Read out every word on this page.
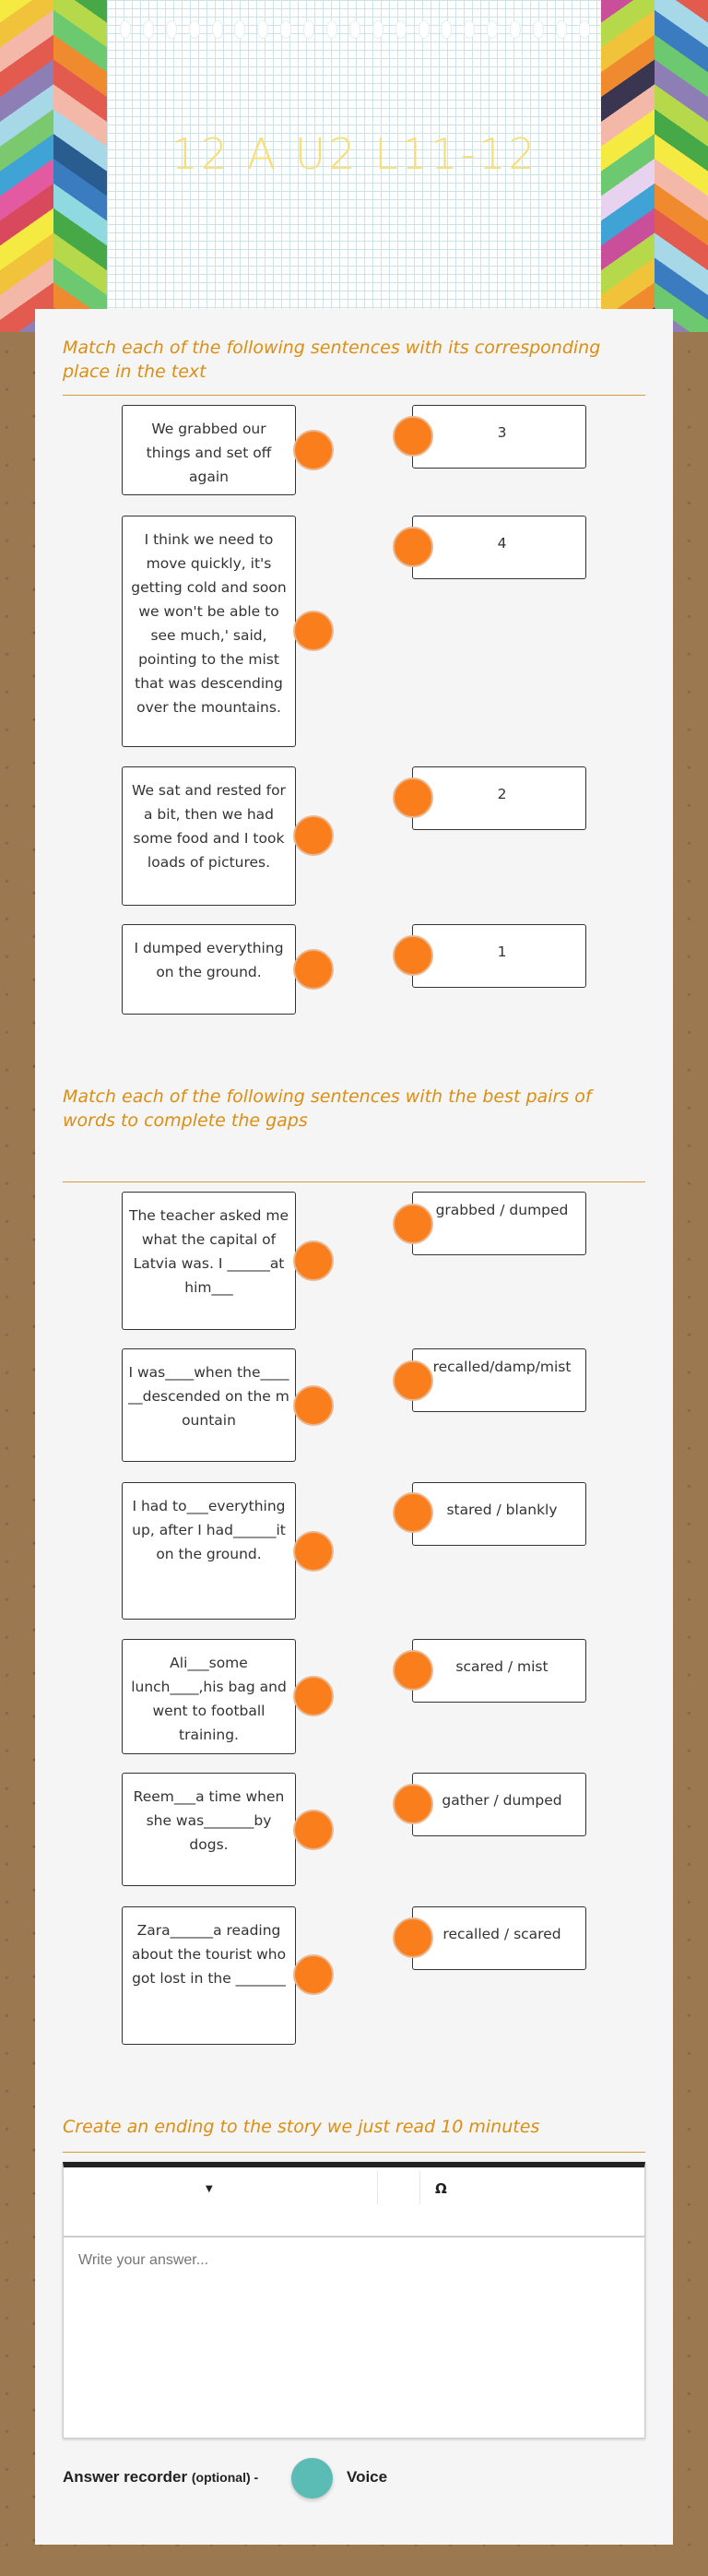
12 A U2 L11-12
Match each of the following sentences with its corresponding place in the text
We grabbed our things and set off again
I think we need to move quickly, it's getting cold and soon we won't be able to see much,' said, pointing to the mist that was descending over the mountains.
We sat and rested for a bit, then we had some food and I took loads of pictures.
I dumped everything on the ground.
3
4
2
1
Match each of the following sentences with the best pairs of words to complete the gaps
The teacher asked me what the capital of Latvia was. I ______at him___
I was____when the______descended on the mountain
I had to___everything up, after I had______it on the ground.
Ali___some lunch____,his bag and went to football training.
Reem___a time when she was_______by dogs.
Zara______a reading about the tourist who got lost in the _______
grabbed / dumped
recalled/damp/mist
stared / blankly
scared / mist
gather / dumped
recalled / scared
Create an ending to the story we just read 10 minutes
▼	Ω
Write your answer...
Answer recorder (optional) -	Voice
